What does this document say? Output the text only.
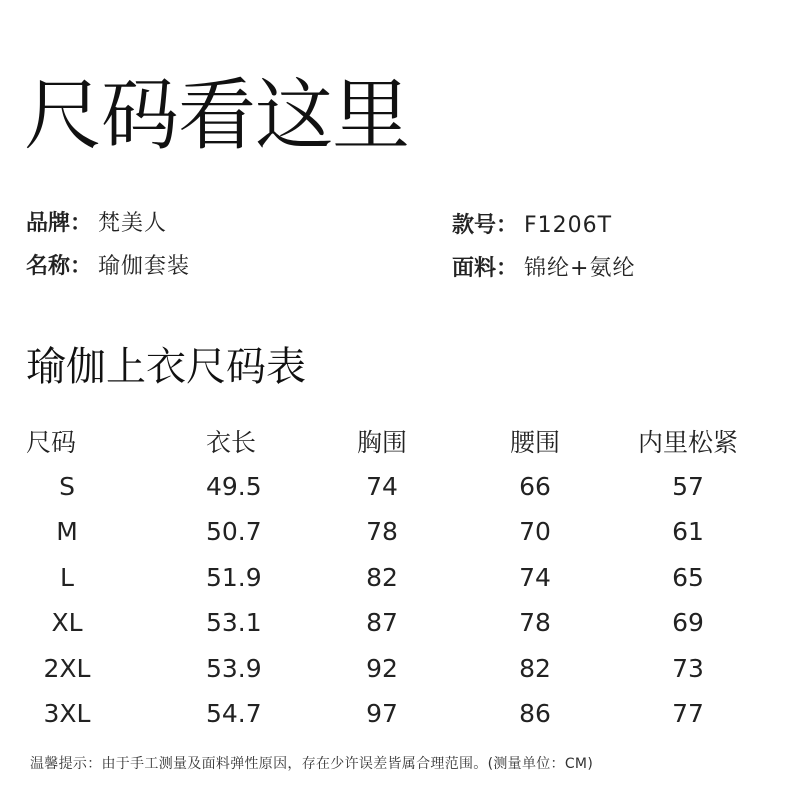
尺码看这里
品牌： 梵美人	款号： F1206T
名称： 瑜伽套装	面料： 锦纶+氨纶
瑜伽上衣尺码表
尺码	衣长	胸围	腰围	内里松紧
S	49.5	74	66	57
M	50.7	78	70	61
L	51.9	82	74	65
XL	53.1	87	78	69
2XL	53.9	92	82	73
3XL	54.7	97	86	77
温馨提示：由于手工测量及面料弹性原因，存在少许误差皆属合理范围。(测量单位：CM)
